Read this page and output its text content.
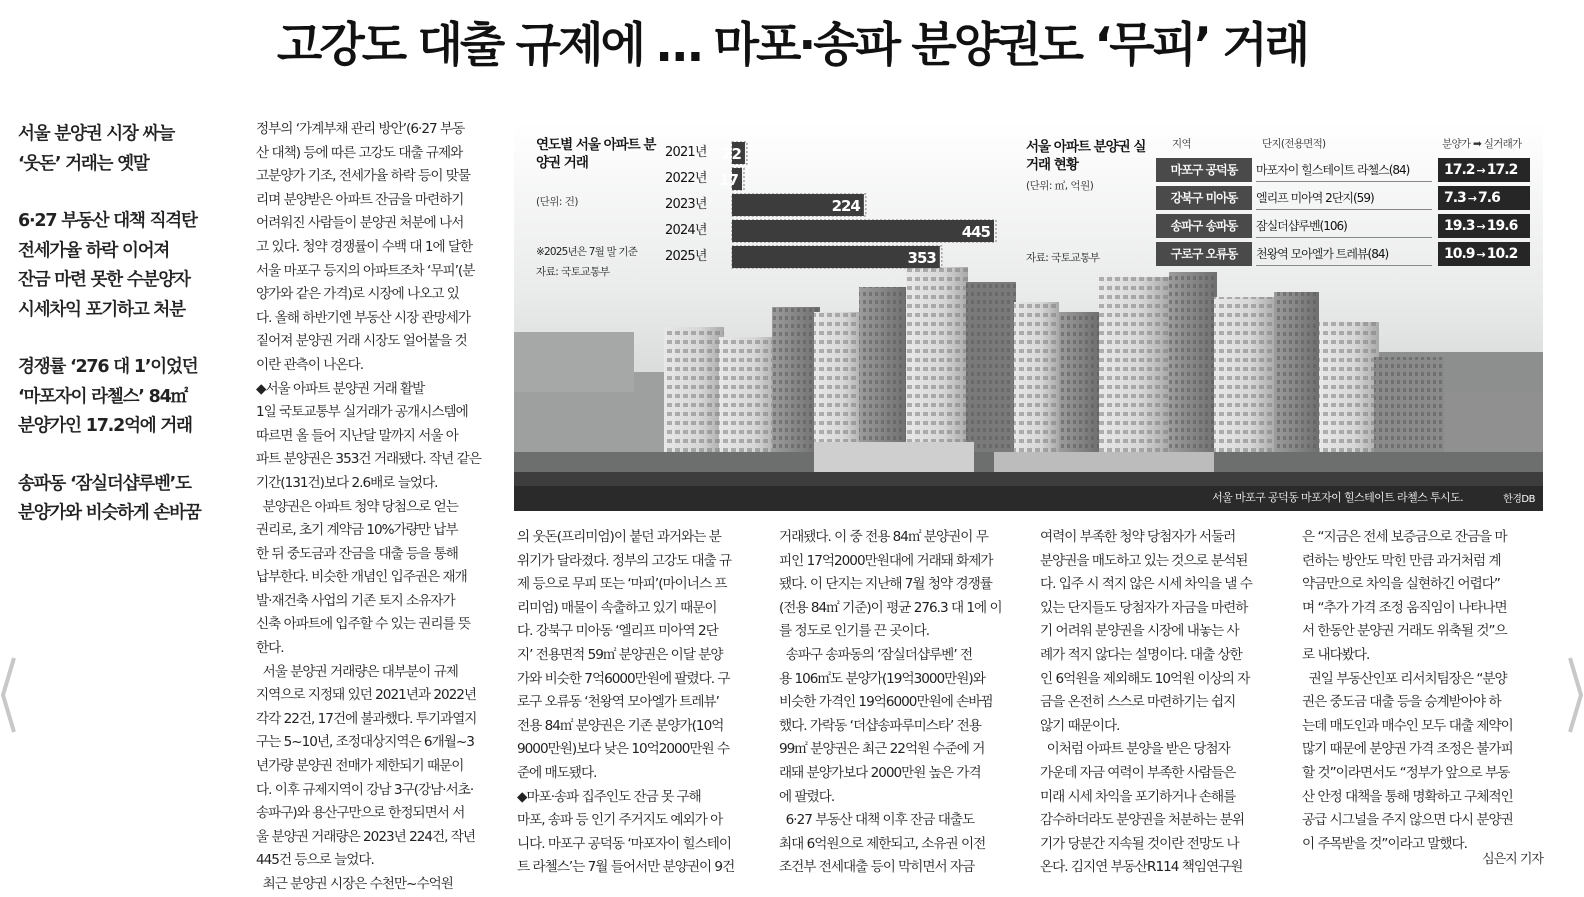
고강도 대출 규제에 … 마포·송파 분양권도 ‘무피’ 거래
서울 분양권 시장 싸늘
‘웃돈’ 거래는 옛말
6·27 부동산 대책 직격탄
전세가율 하락 이어져
잔금 마련 못한 수분양자
시세차익 포기하고 처분
경쟁률 ‘276 대 1’이었던
‘마포자이 라첼스’ 84㎡
분양가인 17.2억에 거래
송파동 ‘잠실더샵루벤’도
분양가와 비슷하게 손바꿈
정부의 ‘가계부채 관리 방안’(6·27 부동
산 대책) 등에 따른 고강도 대출 규제와
고분양가 기조, 전세가율 하락 등이 맞물
리며 분양받은 아파트 잔금을 마련하기
어려워진 사람들이 분양권 처분에 나서
고 있다. 청약 경쟁률이 수백 대 1에 달한
서울 마포구 등지의 아파트조차 ‘무피’(분
양가와 같은 가격)로 시장에 나오고 있
다. 올해 하반기엔 부동산 시장 관망세가
짙어져 분양권 거래 시장도 얼어붙을 것
이란 관측이 나온다.
◆서울 아파트 분양권 거래 활발
1일 국토교통부 실거래가 공개시스템에
따르면 올 들어 지난달 말까지 서울 아
파트 분양권은 353건 거래됐다. 작년 같은
기간(131건)보다 2.6배로 늘었다.
분양권은 아파트 청약 당첨으로 얻는
권리로, 초기 계약금 10%가량만 납부
한 뒤 중도금과 잔금을 대출 등을 통해
납부한다. 비슷한 개념인 입주권은 재개
발·재건축 사업의 기존 토지 소유자가
신축 아파트에 입주할 수 있는 권리를 뜻
한다.
서울 분양권 거래량은 대부분이 규제
지역으로 지정돼 있던 2021년과 2022년
각각 22건, 17건에 불과했다. 투기과열지
구는 5~10년, 조정대상지역은 6개월~3
년가량 분양권 전매가 제한되기 때문이
다. 이후 규제지역이 강남 3구(강남·서초·
송파구)와 용산구만으로 한정되면서 서
울 분양권 거래량은 2023년 224건, 작년
445건 등으로 늘었다.
최근 분양권 시장은 수천만~수억원
의 웃돈(프리미엄)이 붙던 과거와는 분
위기가 달라졌다. 정부의 고강도 대출 규
제 등으로 무피 또는 ‘마피’(마이너스 프
리미엄) 매물이 속출하고 있기 때문이
다. 강북구 미아동 ‘엘리프 미아역 2단
지’ 전용면적 59㎡ 분양권은 이달 분양
가와 비슷한 7억6000만원에 팔렸다. 구
로구 오류동 ‘천왕역 모아엘가 트레뷰’
전용 84㎡ 분양권은 기존 분양가(10억
9000만원)보다 낮은 10억2000만원 수
준에 매도됐다.
◆마포·송파 집주인도 잔금 못 구해
마포, 송파 등 인기 주거지도 예외가 아
니다. 마포구 공덕동 ‘마포자이 힐스테이
트 라첼스’는 7월 들어서만 분양권이 9건
거래됐다. 이 중 전용 84㎡ 분양권이 무
피인 17억2000만원대에 거래돼 화제가
됐다. 이 단지는 지난해 7월 청약 경쟁률
(전용 84㎡ 기준)이 평균 276.3 대 1에 이
를 정도로 인기를 끈 곳이다.
송파구 송파동의 ‘잠실더샵루벤’ 전
용 106㎡도 분양가(19억3000만원)와
비슷한 가격인 19억6000만원에 손바뀜
했다. 가락동 ‘더샵송파루미스타’ 전용
99㎡ 분양권은 최근 22억원 수준에 거
래돼 분양가보다 2000만원 높은 가격
에 팔렸다.
6·27 부동산 대책 이후 잔금 대출도
최대 6억원으로 제한되고, 소유권 이전
조건부 전세대출 등이 막히면서 자금
여력이 부족한 청약 당첨자가 서둘러
분양권을 매도하고 있는 것으로 분석된
다. 입주 시 적지 않은 시세 차익을 낼 수
있는 단지들도 당첨자가 자금을 마련하
기 어려워 분양권을 시장에 내놓는 사
례가 적지 않다는 설명이다. 대출 상한
인 6억원을 제외해도 10억원 이상의 자
금을 온전히 스스로 마련하기는 쉽지
않기 때문이다.
이처럼 아파트 분양을 받은 당첨자
가운데 자금 여력이 부족한 사람들은
미래 시세 차익을 포기하거나 손해를
감수하더라도 분양권을 처분하는 분위
기가 당분간 지속될 것이란 전망도 나
온다. 김지연 부동산R114 책임연구원
은 “지금은 전세 보증금으로 잔금을 마
련하는 방안도 막힌 만큼 과거처럼 계
약금만으로 차익을 실현하긴 어렵다”
며 “추가 가격 조정 움직임이 나타나면
서 한동안 분양권 거래도 위축될 것”으
로 내다봤다.
권일 부동산인포 리서치팀장은 “분양
권은 중도금 대출 등을 승계받아야 하
는데 매도인과 매수인 모두 대출 제약이
많기 때문에 분양권 가격 조정은 불가피
할 것”이라면서도 “정부가 앞으로 부동
산 안정 대책을 통해 명확하고 구체적인
공급 시그널을 주지 않으면 다시 분양권
이 주목받을 것”이라고 말했다.
심은지 기자
연도별 서울 아파트 분양권 거래
(단위: 건)
※2025년은 7월 말 기준
자료: 국토교통부
2021년 22
2022년 17
2023년	224
2024년	445
2025년	353
서울 아파트 분양권 실거래 현황
(단위: ㎡, 억원)
자료: 국토교통부
지역	단지(전용면적)	분양가 ➡ 실거래가
마포구 공덕동	마포자이 힐스테이트 라첼스(84)	17.2 → 17.2
강북구 미아동	엘리프 미아역 2단지(59)	7.3 → 7.6
송파구 송파동	잠실더샵루벤(106)	19.3 → 19.6
구로구 오류동	천왕역 모아엘가 트레뷰(84)	10.9 → 10.2
서울 마포구 공덕동 마포자이 힐스테이트 라첼스 투시도.	한경DB
